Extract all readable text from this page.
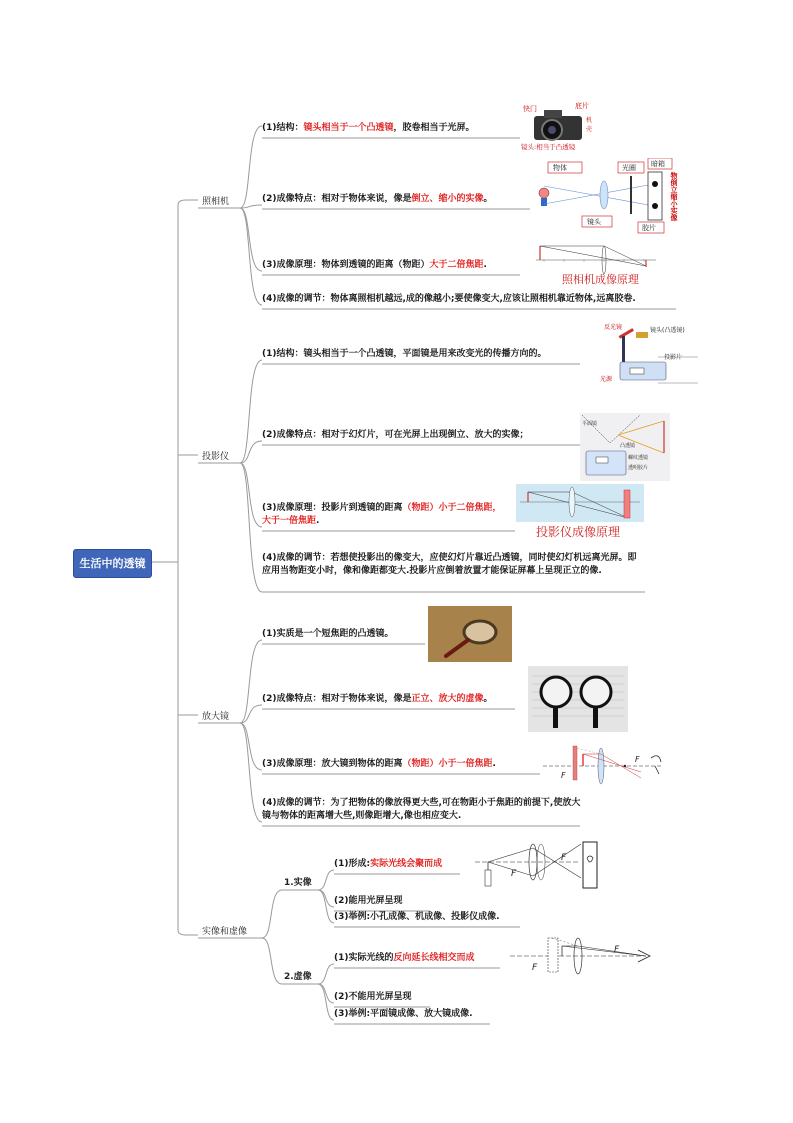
生活中的透镜
照相机
投影仪
放大镜
实像和虚像
1.实像
2.虚像
(1)结构：镜头相当于一个凸透镜，胶卷相当于光屏。
(2)成像特点：相对于物体来说，像是倒立、缩小的实像。
(3)成像原理：物体到透镜的距离（物距）大于二倍焦距.
(4)成像的调节：物体离照相机越远,成的像越小;要使像变大,应该让照相机靠近物体,远离胶卷.
(1)结构：镜头相当于一个凸透镜，平面镜是用来改变光的传播方向的。
(2)成像特点：相对于幻灯片，可在光屏上出现倒立、放大的实像；
(3)成像原理：投影片到透镜的距离（物距）小于二倍焦距，大于一倍焦距.
(4)成像的调节：若想使投影出的像变大，应使幻灯片靠近凸透镜，同时使幻灯机远离光屏。即应用当物距变小时，像和像距都变大.投影片应倒着放置才能保证屏幕上呈现正立的像.
(1)实质是一个短焦距的凸透镜。
(2)成像特点：相对于物体来说，像是正立、放大的虚像。
(3)成像原理：放大镜到物体的距离（物距）小于一倍焦距.
(4)成像的调节：为了把物体的像放得更大些,可在物距小于焦距的前提下,使放大镜与物体的距离增大些,则像距增大,像也相应变大.
(1)形成:实际光线会聚而成
(2)能用光屏呈现
(3)举例:小孔成像、机成像、投影仪成像.
(1)实际光线的反向延长线相交而成
(2)不能用光屏呈现
(3)举例:平面镜成像、放大镜成像.
快门	底片
机
壳
镜头:相当于凸透镜
物体	光圈 暗箱
镜头
胶片
物倒立缩小实像
照相机成像原理
反光镜	镜头(凸透镜)
投影片
光源
平面镜
凸透镜
螺纹透镜
透明胶片
投影仪成像原理
F
F
F
F
F
F
